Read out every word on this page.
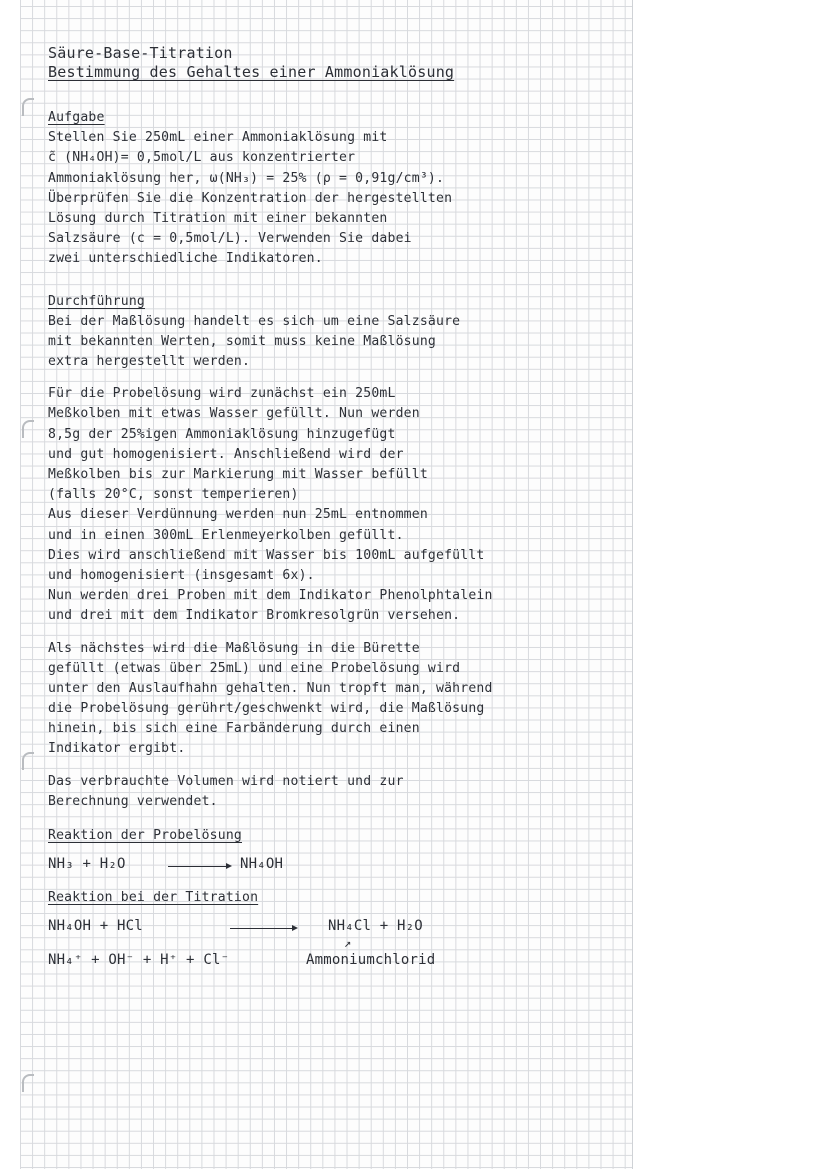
Säure-Base-Titration
Bestimmung des Gehaltes einer Ammoniaklösung
Aufgabe
Stellen Sie 250mL einer Ammoniaklösung mit
c̃ (NH₄OH)= 0,5mol/L aus konzentrierter
Ammoniaklösung her, ω(NH₃) = 25% (ρ = 0,91g/cm³).
Überprüfen Sie die Konzentration der hergestellten
Lösung durch Titration mit einer bekannten
Salzsäure (c = 0,5mol/L). Verwenden Sie dabei
zwei unterschiedliche Indikatoren.
Durchführung
Bei der Maßlösung handelt es sich um eine Salzsäure
mit bekannten Werten, somit muss keine Maßlösung
extra hergestellt werden.
Für die Probelösung wird zunächst ein 250mL
Meßkolben mit etwas Wasser gefüllt. Nun werden
8,5g der 25%igen Ammoniaklösung hinzugefügt
und gut homogenisiert. Anschließend wird der
Meßkolben bis zur Markierung mit Wasser befüllt
(falls 20°C, sonst temperieren)
Aus dieser Verdünnung werden nun 25mL entnommen
und in einen 300mL Erlenmeyerkolben gefüllt.
Dies wird anschließend mit Wasser bis 100mL aufgefüllt
und homogenisiert (insgesamt 6x).
Nun werden drei Proben mit dem Indikator Phenolphtalein
und drei mit dem Indikator Bromkresolgrün versehen.
Als nächstes wird die Maßlösung in die Bürette
gefüllt (etwas über 25mL) und eine Probelösung wird
unter den Auslaufhahn gehalten. Nun tropft man, während
die Probelösung gerührt/geschwenkt wird, die Maßlösung
hinein, bis sich eine Farbänderung durch einen
Indikator ergibt.
Das verbrauchte Volumen wird notiert und zur
Berechnung verwendet.
Reaktion der Probelösung
NH₃ + H₂O	NH₄OH
Reaktion bei der Titration
NH₄OH + HCl	NH₄Cl + H₂O
↗
NH₄⁺ + OH⁻ + H⁺ + Cl⁻	Ammoniumchlorid
